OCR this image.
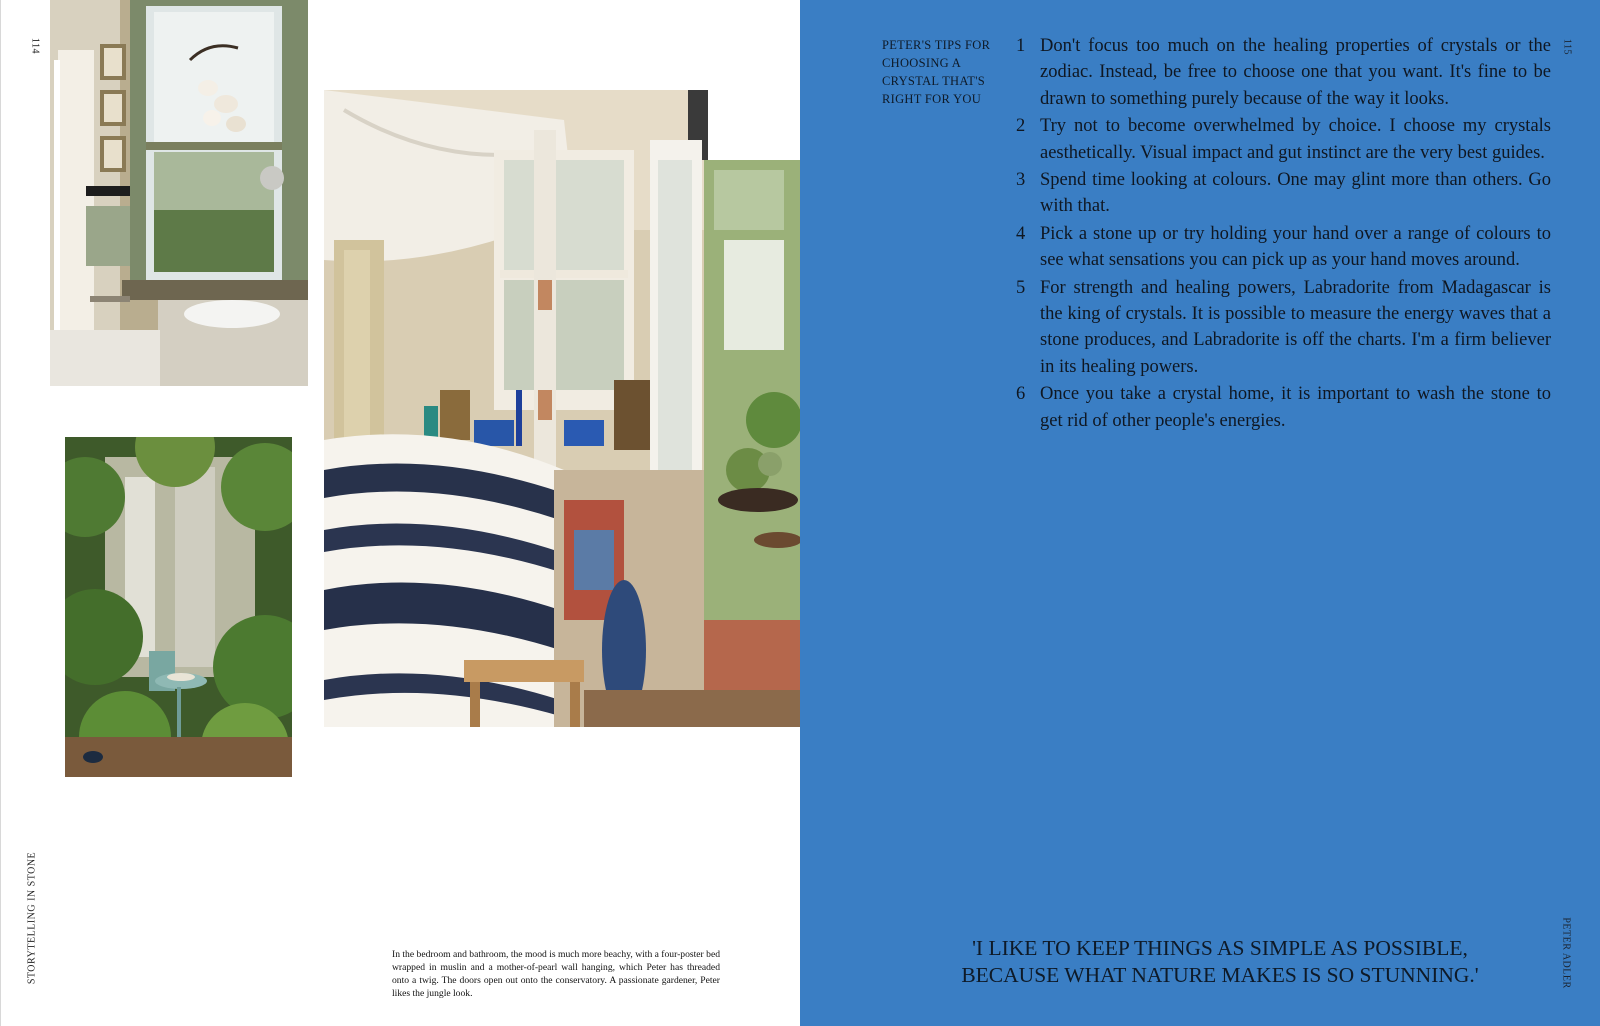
114
STORYTELLING IN STONE	In the bedroom and bathroom, the mood is much more beachy, with a four-poster bed wrapped in muslin and a mother-of-pearl wall hanging, which Peter has threaded onto a twig. The doors open out onto the conservatory. A passionate gardener, Peter likes the jungle look.

PETER'S TIPS FOR CHOOSING A CRYSTAL THAT'S RIGHT FOR YOU
1 Don't focus too much on the healing properties of crystals or the zodiac. Instead, be free to choose one that you want. It's fine to be drawn to something purely because of the way it looks.
2 Try not to become overwhelmed by choice. I choose my crystals aesthetically. Visual impact and gut instinct are the very best guides.
3 Spend time looking at colours. One may glint more than others. Go with that.
4 Pick a stone up or try holding your hand over a range of colours to see what sensations you can pick up as your hand moves around.
5 For strength and healing powers, Labradorite from Madagascar is the king of crystals. It is possible to measure the energy waves that a stone produces, and Labradorite is off the charts. I'm a firm believer in its healing powers.
6 Once you take a crystal home, it is important to wash the stone to get rid of other people's energies.

'I LIKE TO KEEP THINGS AS SIMPLE AS POSSIBLE,
BECAUSE WHAT NATURE MAKES IS SO STUNNING.'

115
PETER ADLER
